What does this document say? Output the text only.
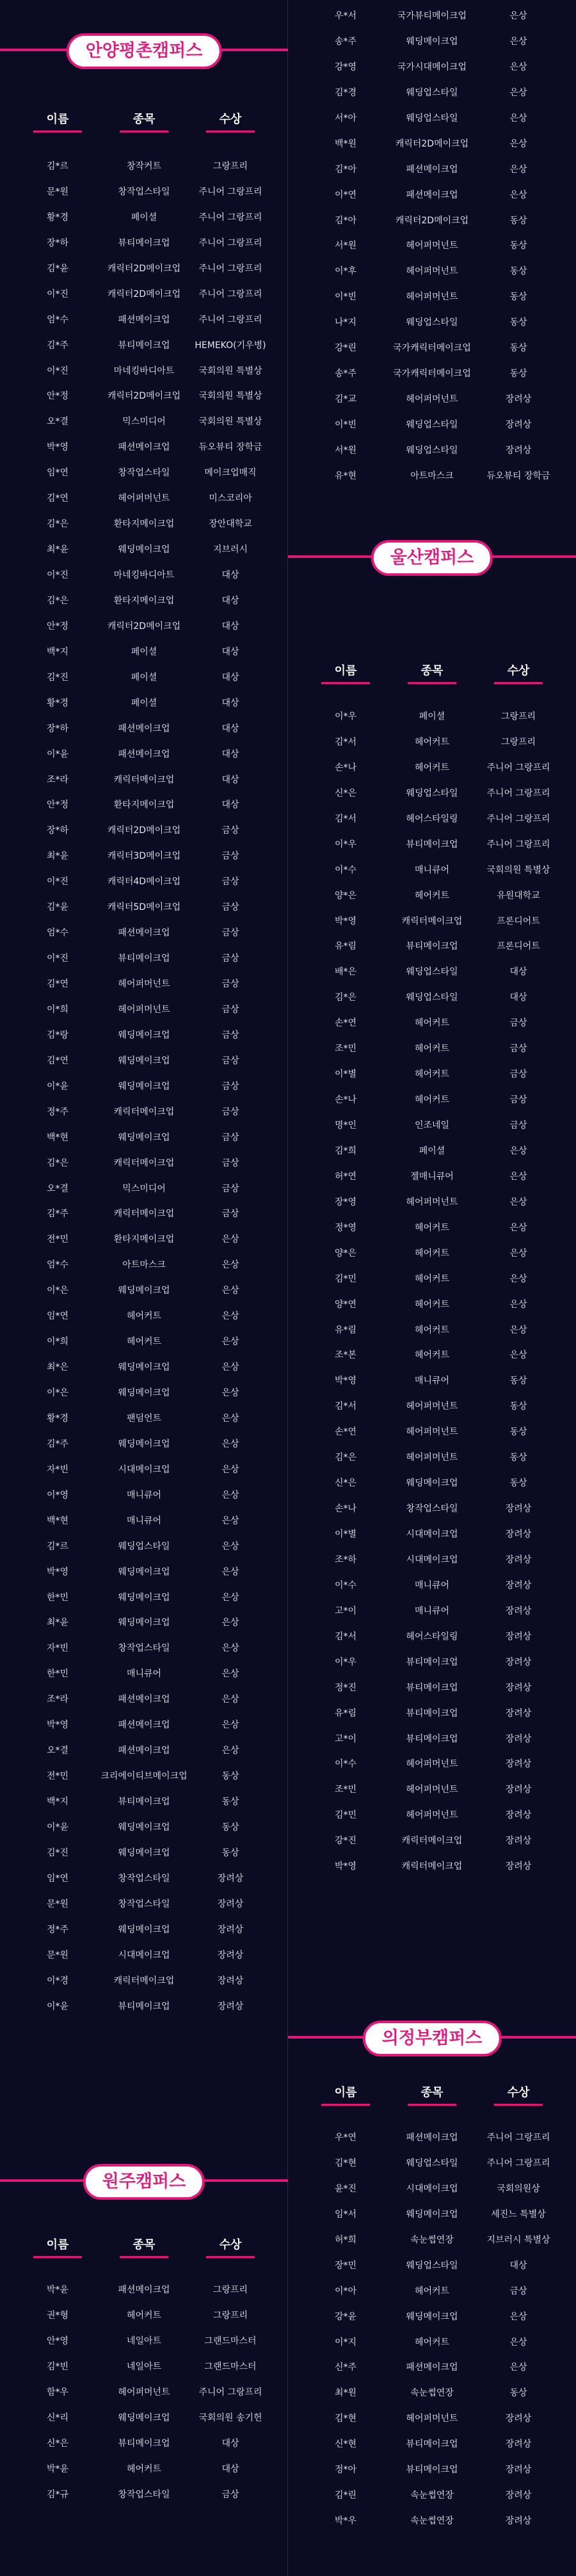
안양평촌캠퍼스
이름	종목	수상
김*르	창작커트	그랑프리
문*원	창작업스타일	주니어 그랑프리
황*경	페이셜	주니어 그랑프리
장*하	뷰티메이크업	주니어 그랑프리
김*윤	캐릭터2D메이크업	주니어 그랑프리
이*진	캐릭터2D메이크업	주니어 그랑프리
엄*수	패션메이크업	주니어 그랑프리
김*주	뷰티메이크업	HEMEKO(기우병)
이*진	마네킹바디아트	국회의원 특별상
안*정	캐릭터2D메이크업	국회의원 특별상
오*결	믹스미디어	국회의원 특별상
박*영	패션메이크업	듀오뷰티 장학금
임*연	창작업스타일	메이크업매직
김*연	헤어퍼머넌트	미스코리아
김*은	환타지메이크업	장안대학교
최*윤	웨딩메이크업	지브러시
이*진	마네킹바디아트	대상
김*은	환타지메이크업	대상
안*정	캐릭터2D메이크업	대상
백*지	페이셜	대상
김*진	페이셜	대상
황*경	페이셜	대상
장*하	패션메이크업	대상
이*윤	패션메이크업	대상
조*라	캐릭터메이크업	대상
안*정	환타지메이크업	대상
장*하	캐릭터2D메이크업	금상
최*윤	캐릭터3D메이크업	금상
이*진	캐릭터4D메이크업	금상
김*윤	캐릭터5D메이크업	금상
엄*수	패션메이크업	금상
이*진	뷰티메이크업	금상
김*연	헤어퍼머넌트	금상
이*희	헤어퍼머넌트	금상
김*랑	웨딩메이크업	금상
김*연	웨딩메이크업	금상
이*윤	웨딩메이크업	금상
정*주	캐릭터메이크업	금상
백*현	웨딩메이크업	금상
김*은	캐릭터메이크업	금상
오*결	믹스미디어	금상
김*주	캐릭터메이크업	금상
전*민	환타지메이크업	은상
엄*수	아트마스크	은상
이*은	웨딩메이크업	은상
임*연	헤어커트	은상
이*희	헤어커트	은상
최*은	웨딩메이크업	은상
이*은	웨딩메이크업	은상
황*경	팬덤언트	은상
김*주	웨딩메이크업	은상
자*빈	시대메이크업	은상
이*영	매니큐어	은상
백*현	매니큐어	은상
김*르	웨딩업스타일	은상
박*영	웨딩메이크업	은상
한*민	웨딩메이크업	은상
최*윤	웨딩메이크업	은상
자*빈	창작업스타일	은상
한*민	매니큐어	은상
조*라	패션메이크업	은상
박*영	패션메이크업	은상
오*결	패션메이크업	은상
전*민	크리에이티브메이크업	동상
백*지	뷰티메이크업	동상
이*윤	웨딩메이크업	동상
김*진	웨딩메이크업	동상
임*연	창작업스타일	장려상
문*원	창작업스타일	장려상
정*주	웨딩메이크업	장려상
문*원	시대메이크업	장려상
이*경	캐릭터메이크업	장려상
이*윤	뷰티메이크업	장려상
원주캠퍼스
이름	종목	수상
박*윤	패션메이크업	그랑프리
권*형	헤어커트	그랑프리
안*영	네일아트	그랜드마스터
김*빈	네일아트	그랜드마스터
함*우	헤어퍼머넌트	주니어 그랑프리
신*리	웨딩메이크업	국회의원 송기헌
신*은	뷰티메이크업	대상
박*윤	헤어커트	대상
김*규	창작업스타일	금상
우*서	국가뷰티메이크업	은상
송*주	웨딩메이크업	은상
강*영	국가시대메이크업	은상
김*경	웨딩업스타일	은상
서*아	웨딩업스타일	은상
백*원	캐릭터2D메이크업	은상
김*아	패션메이크업	은상
이*연	패션메이크업	은상
김*아	캐릭터2D메이크업	동상
서*원	헤어퍼머넌트	동상
이*후	헤어퍼머넌트	동상
이*빈	헤어퍼머넌트	동상
나*지	웨딩업스타일	동상
강*린	국가캐릭터메이크업	동상
송*주	국가캐릭터메이크업	동상
김*교	헤어퍼머넌트	장려상
이*빈	웨딩업스타일	장려상
서*원	웨딩업스타일	장려상
유*현	아트마스크	듀오뷰티 장학금
울산캠퍼스
이름	종목	수상
이*우	페이셜	그랑프리
김*서	헤어커트	그랑프리
손*나	헤어커트	주니어 그랑프리
신*은	웨딩업스타일	주니어 그랑프리
김*서	헤어스타일링	주니어 그랑프리
이*우	뷰티메이크업	주니어 그랑프리
이*수	매니큐어	국회의원 특별상
양*은	헤어커트	유원대학교
박*영	캐릭터메이크업	프론디어트
유*림	뷰티메이크업	프론디어트
배*은	웨딩업스타일	대상
김*은	웨딩업스타일	대상
손*연	헤어커트	금상
조*민	헤어커트	금상
이*별	헤어커트	금상
손*나	헤어커트	금상
명*인	인조네일	금상
김*희	페이셜	은상
허*연	젤매니큐어	은상
장*영	헤어퍼머넌트	은상
정*영	헤어커트	은상
양*은	헤어커트	은상
김*민	헤어커트	은상
양*연	헤어커트	은상
유*림	헤어커트	은상
조*본	헤어커트	은상
박*영	매니큐어	동상
김*서	헤어퍼머넌트	동상
손*연	헤어퍼머넌트	동상
김*은	헤어퍼머넌트	동상
신*은	웨딩메이크업	동상
손*나	창작업스타일	장려상
이*별	시대메이크업	장려상
조*하	시대메이크업	장려상
이*수	매니큐어	장려상
고*이	매니큐어	장려상
김*서	헤어스타일링	장려상
이*우	뷰티메이크업	장려상
정*진	뷰티메이크업	장려상
유*림	뷰티메이크업	장려상
고*이	뷰티메이크업	장려상
이*수	헤어퍼머넌트	장려상
조*민	헤어퍼머넌트	장려상
김*민	헤어퍼머넌트	장려상
강*진	캐릭터메이크업	장려상
박*영	캐릭터메이크업	장려상
의정부캠퍼스
이름	종목	수상
우*연	패션메이크업	주니어 그랑프리
김*현	웨딩업스타일	주니어 그랑프리
윤*진	시대메이크업	국회의원상
임*서	웨딩메이크업	세진느 특별상
허*희	속눈썹연장	지브러시 특별상
장*민	웨딩업스타일	대상
이*아	헤어커트	금상
강*윤	웨딩메이크업	은상
이*지	헤어커트	은상
신*주	패션메이크업	은상
최*원	속눈썹연장	동상
김*현	헤어퍼머넌트	장려상
신*현	뷰티메이크업	장려상
정*아	뷰티메이크업	장려상
김*린	속눈썹연장	장려상
박*우	속눈썹연장	장려상
